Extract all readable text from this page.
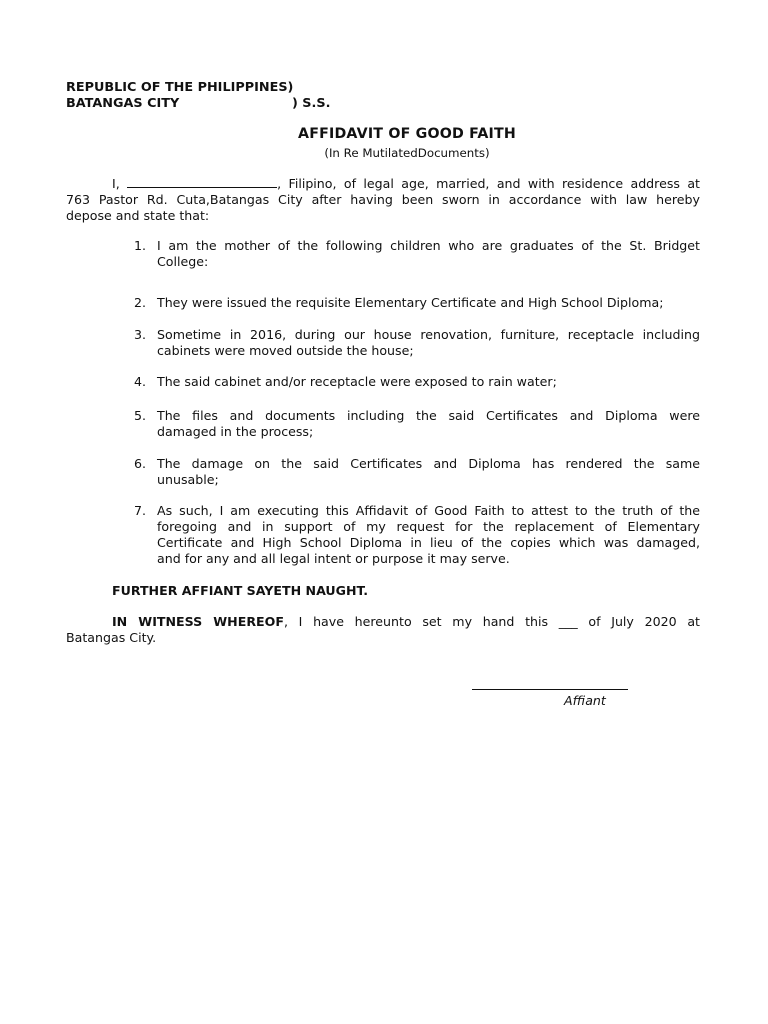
REPUBLIC OF THE PHILIPPINES)
BATANGAS CITY	) S.S.
AFFIDAVIT OF GOOD FAITH
(In Re MutilatedDocuments)
I,	, Filipino, of legal age, married, and with residence address at
763 Pastor Rd. Cuta,Batangas City after having been sworn in accordance with law hereby
depose and state that:
1. I am the mother of the following children who are graduates of the St. Bridget
College:
2. They were issued the requisite Elementary Certificate and High School Diploma;
3. Sometime in 2016, during our house renovation, furniture, receptacle including
cabinets were moved outside the house;
4. The said cabinet and/or receptacle were exposed to rain water;
5. The files and documents including the said Certificates and Diploma were
damaged in the process;
6. The damage on the said Certificates and Diploma has rendered the same
unusable;
7. As such, I am executing this Affidavit of Good Faith to attest to the truth of the
foregoing and in support of my request for the replacement of Elementary
Certificate and High School Diploma in lieu of the copies which was damaged,
and for any and all legal intent or purpose it may serve.
FURTHER AFFIANT SAYETH NAUGHT.
IN WITNESS WHEREOF, I have hereunto set my hand this ___ of July 2020 at
Batangas City.
Affiant
